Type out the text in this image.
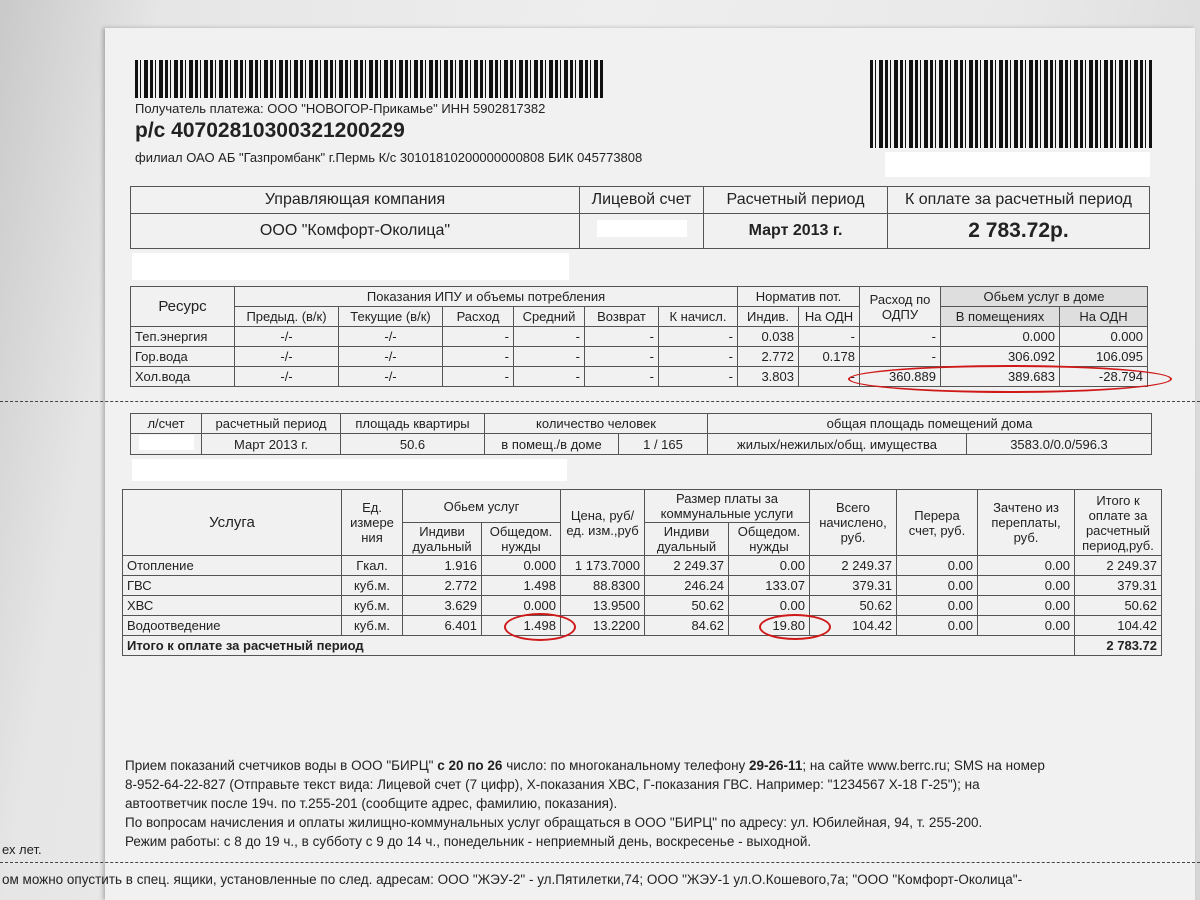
Получатель платежа: ООО "НОВОГОР-Прикамье" ИНН 5902817382
р/с 40702810300321200229
филиал ОАО АБ "Газпромбанк" г.Пермь К/с 30101810200000000808 БИК 045773808
Управляющая компания	Лицевой счет	Расчетный период	К оплате за расчетный период
ООО "Комфорт-Околица"		Март 2013 г.	2 783.72р.
Ресурс	Показания ИПУ и объемы потребления						Норматив пот.		Расход по ОДПУ	Обьем услуг в доме	
	Предыд. (в/к)	Текущие (в/к)	Расход	Средний	Возврат	К начисл.	Индив.	На ОДН		В помещениях	На ОДН
Теп.энергия	-/-	-/-	-	-	-	-	0.038	-	-	0.000	0.000
Гор.вода	-/-	-/-	-	-	-	-	2.772	0.178	-	306.092	106.095
Хол.вода	-/-	-/-	-	-	-	-	3.803	-	360.889	389.683	-28.794
л/счет	расчетный период	площадь квартиры	количество человек		общая площадь помещений дома	
	Март 2013 г.	50.6	в помещ./в доме	1 / 165	жилых/нежилых/общ. имущества	3583.0/0.0/596.3
Услуга	Ед. измере ния	Обьем услуг		Цена, руб/ед. изм.,руб	Размер платы за коммунальные услуги		Всего начислено, руб.	Перера счет, руб.	Зачтено из переплаты, руб.	Итого к оплате за расчетный период,руб.
		Индиви дуальный	Общедом. нужды		Индиви дуальный	Общедом. нужды				
Отопление	Гкал.	1.916	0.000	1 173.7000	2 249.37	0.00	2 249.37	0.00	0.00	2 249.37
ГВС	куб.м.	2.772	1.498	88.8300	246.24	133.07	379.31	0.00	0.00	379.31
ХВС	куб.м.	3.629	0.000	13.9500	50.62	0.00	50.62	0.00	0.00	50.62
Водоотведение	куб.м.	6.401	1.498	13.2200	84.62	19.80	104.42	0.00	0.00	104.42
Итого к оплате за расчетный период										2 783.72
Прием показаний счетчиков воды в ООО "БИРЦ" с 20 по 26 число: по многоканальному телефону 29-26-11; на сайте www.berrc.ru; SMS на номер
8-952-64-22-827 (Отправьте текст вида: Лицевой счет (7 цифр), Х-показания ХВС, Г-показания ГВС. Например: "1234567 Х-18 Г-25"); на
автоответчик после 19ч. по т.255-201 (сообщите адрес, фамилию, показания).
По вопросам начисления и оплаты жилищно-коммунальных услуг обращаться в ООО "БИРЦ" по адресу: ул. Юбилейная, 94, т. 255-200.
Режим работы: с 8 до 19 ч., в субботу с 9 до 14 ч., понедельник - неприемный день, воскресенье - выходной.
ех лет.
ом можно опустить в спец. ящики, установленные по след. адресам: ООО "ЖЭУ-2" - ул.Пятилетки,74; ООО "ЖЭУ-1 ул.О.Кошевого,7а; "ООО "Комфорт-Околица"-
